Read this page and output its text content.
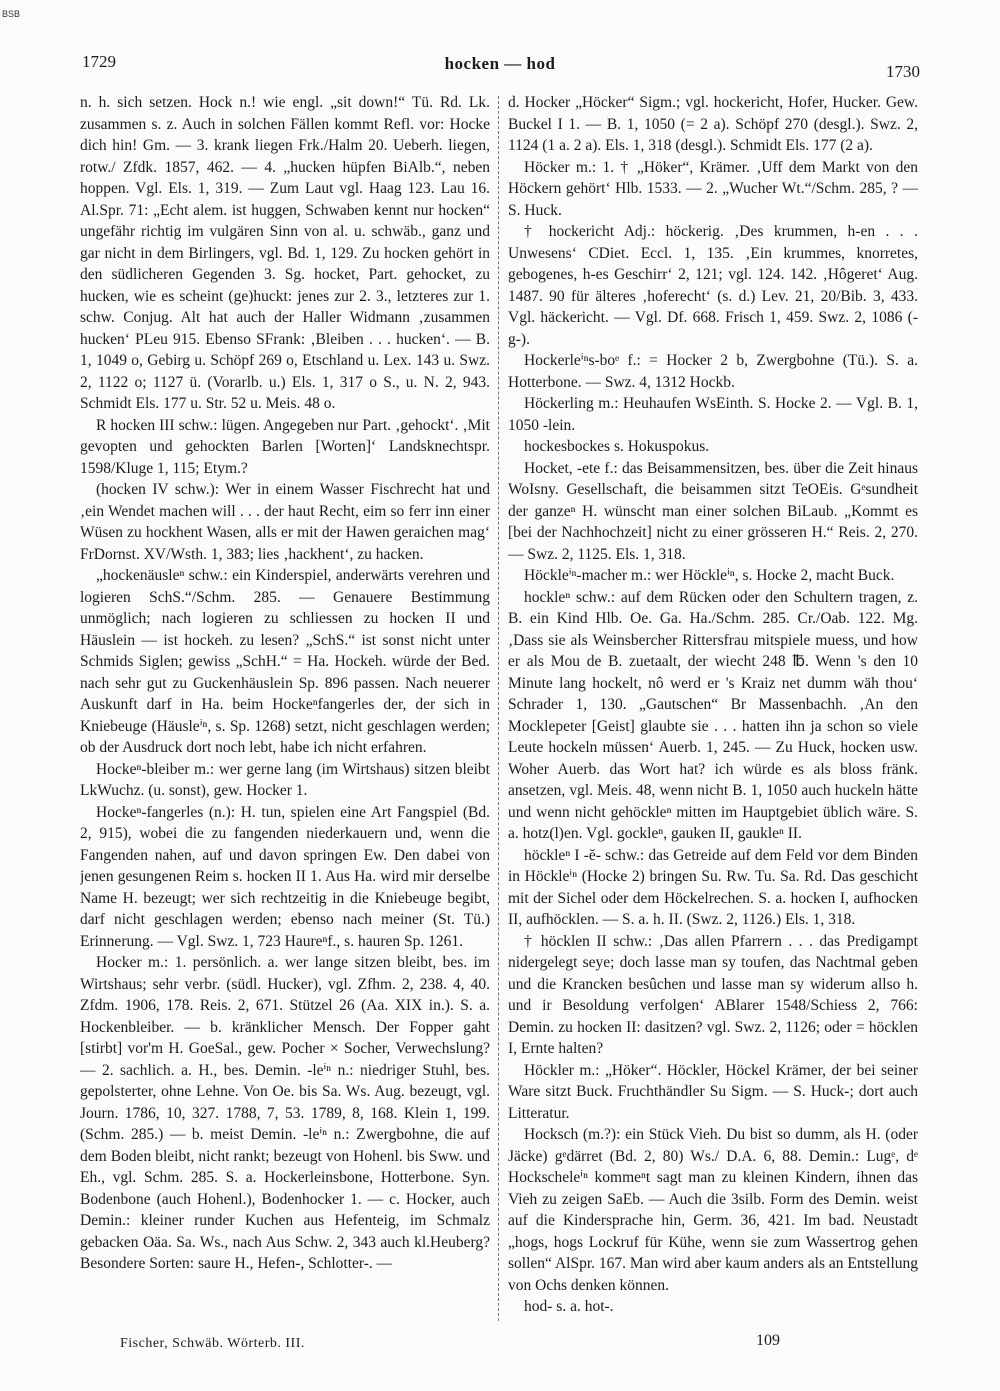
BSB
1729	hocken — hod	1730

n. h. sich setzen. Hock n.! wie engl. „sit down!“ Tü. Rd. Lk. zusammen s. z. Auch in solchen Fällen kommt Refl. vor: Hocke dich hin! Gm. — 3. krank liegen Frk./Halm 20. Ueberh. liegen, rotw./ Zfdk. 1857, 462. — 4. „hucken hüpfen BiAlb.“, neben hoppen. Vgl. Els. 1, 319. — Zum Laut vgl. Haag 123. Lau 16. Al.Spr. 71: „Echt alem. ist huggen, Schwaben kennt nur hocken“ ungefähr richtig im vulgären Sinn von al. u. schwäb., ganz und gar nicht in dem Birlingers, vgl. Bd. 1, 129. Zu hocken gehört in den südlicheren Gegenden 3. Sg. hocket, Part. gehocket, zu hucken, wie es scheint (ge)huckt: jenes zur 2. 3., letzteres zur 1. schw. Conjug. Alt hat auch der Haller Widmann ‚zusammen hucken‘ PLeu 915. Ebenso SFrank: ‚Bleiben . . . hucken‘. — B. 1, 1049 o, Gebirg u. Schöpf 269 o, Etschland u. Lex. 143 u. Swz. 2, 1122 o; 1127 ü. (Vorarlb. u.) Els. 1, 317 o S., u. N. 2, 943. Schmidt Els. 177 u. Str. 52 u. Meis. 48 o.

R hocken III schw.: lügen. Angegeben nur Part. ‚gehockt‘. ‚Mit gevopten und gehockten Barlen [Worten]‘ Landsknechtspr. 1598/Kluge 1, 115; Etym.?

(hocken IV schw.): Wer in einem Wasser Fischrecht hat und ‚ein Wendet machen will . . . der haut Recht, eim so ferr inn einer Wüsen zu hockhent Wasen, alls er mit der Hawen geraichen mag‘ FrDornst. XV/Wsth. 1, 383; lies ‚hackhent‘, zu hacken.

„hockenäusleⁿ schw.: ein Kinderspiel, anderwärts verehren und logieren SchS.“/Schm. 285. — Genauere Bestimmung unmöglich; nach logieren zu schliessen zu hocken II und Häuslein — ist hockeh. zu lesen? „SchS.“ ist sonst nicht unter Schmids Siglen; gewiss „SchH.“ = Ha. Hockeh. würde der Bed. nach sehr gut zu Guckenhäuslein Sp. 896 passen. Nach neuerer Auskunft darf in Ha. beim Hockeⁿfangerles der, der sich in Kniebeuge (Häusleⁱⁿ, s. Sp. 1268) setzt, nicht geschlagen werden; ob der Ausdruck dort noch lebt, habe ich nicht erfahren.

Hockeⁿ-bleiber m.: wer gerne lang (im Wirtshaus) sitzen bleibt LkWuchz. (u. sonst), gew. Hocker 1.

Hockeⁿ-fangerles (n.): H. tun, spielen eine Art Fangspiel (Bd. 2, 915), wobei die zu fangenden niederkauern und, wenn die Fangenden nahen, auf und davon springen Ew. Den dabei von jenen gesungenen Reim s. hocken II 1. Aus Ha. wird mir derselbe Name H. bezeugt; wer sich rechtzeitig in die Kniebeuge begibt, darf nicht geschlagen werden; ebenso nach meiner (St. Tü.) Erinnerung. — Vgl. Swz. 1, 723 Haureⁿf., s. hauren Sp. 1261.

Hocker m.: 1. persönlich. a. wer lange sitzen bleibt, bes. im Wirtshaus; sehr verbr. (südl. Hucker), vgl. Zfhm. 2, 238. 4, 40. Zfdm. 1906, 178. Reis. 2, 671. Stützel 26 (Aa. XIX in.). S. a. Hockenbleiber. — b. kränklicher Mensch. Der Fopper gaht [stirbt] vor'm H. GoeSal., gew. Pocher × Socher, Verwechslung? — 2. sachlich. a. H., bes. Demin. -leⁱⁿ n.: niedriger Stuhl, bes. gepolsterter, ohne Lehne. Von Oe. bis Sa. Ws. Aug. bezeugt, vgl. Journ. 1786, 10, 327. 1788, 7, 53. 1789, 8, 168. Klein 1, 199. (Schm. 285.) — b. meist Demin. -leⁱⁿ n.: Zwergbohne, die auf dem Boden bleibt, nicht rankt; bezeugt von Hohenl. bis Sww. und Eh., vgl. Schm. 285. S. a. Hockerleinsbone, Hotterbone. Syn. Bodenbone (auch Hohenl.), Bodenhocker 1. — c. Hocker, auch Demin.: kleiner runder Kuchen aus Hefenteig, im Schmalz gebacken Oäa. Sa. Ws., nach Aus Schw. 2, 343 auch kl.Heuberg? Besondere Sorten: saure H., Hefen-, Schlotter-. —

d. Hocker „Höcker“ Sigm.; vgl. hockericht, Hofer, Hucker. Gew. Buckel I 1. — B. 1, 1050 (= 2 a). Schöpf 270 (desgl.). Swz. 2, 1124 (1 a. 2 a). Els. 1, 318 (desgl.). Schmidt Els. 177 (2 a).

Höcker m.: 1. † „Höker“, Krämer. ‚Uff dem Markt von den Höckern gehört‘ Hlb. 1533. — 2. „Wucher Wt.“/Schm. 285, ? — S. Huck.

† hockericht Adj.: höckerig. ‚Des krummen, h-en . . . Unwesens‘ CDiet. Eccl. 1, 135. ‚Ein krummes, knorretes, gebogenes, h-es Geschirr‘ 2, 121; vgl. 124. 142. ‚Hôgeret‘ Aug. 1487. 90 für älteres ‚hoferecht‘ (s. d.) Lev. 21, 20/Bib. 3, 433. Vgl. häckericht. — Vgl. Df. 668. Frisch 1, 459. Swz. 2, 1086 (-g-).

Hockerleⁱⁿs-boᵉ f.: = Hocker 2 b, Zwergbohne (Tü.). S. a. Hotterbone. — Swz. 4, 1312 Hockb.

Höckerling m.: Heuhaufen WsEinth. S. Hocke 2. — Vgl. B. 1, 1050 -lein.

hockesbockes s. Hokuspokus.

Hocket, -ete f.: das Beisammensitzen, bes. über die Zeit hinaus WoIsny. Gesellschaft, die beisammen sitzt TeOEis. Gᵉsundheit der ganzeⁿ H. wünscht man einer solchen BiLaub. „Kommt es [bei der Nachhochzeit] nicht zu einer grösseren H.“ Reis. 2, 270. — Swz. 2, 1125. Els. 1, 318.

Höckleⁱⁿ-macher m.: wer Höckleⁱⁿ, s. Hocke 2, macht Buck.

hockleⁿ schw.: auf dem Rücken oder den Schultern tragen, z. B. ein Kind Hlb. Oe. Ga. Ha./Schm. 285. Cr./Oab. 122. Mg. ‚Dass sie als Weinsbercher Rittersfrau mitspiele muess, und how er als Mou de B. zuetaalt, der wiecht 248 ℔. Wenn 's den 10 Minute lang hockelt, nô werd er 's Kraiz net dumm wäh thou‘ Schrader 1, 130. „Gautschen“ Br Massenbachh. ‚An den Mocklepeter [Geist] glaubte sie . . . hatten ihn ja schon so viele Leute hockeln müssen‘ Auerb. 1, 245. — Zu Huck, hocken usw. Woher Auerb. das Wort hat? ich würde es als bloss fränk. ansetzen, vgl. Meis. 48, wenn nicht B. 1, 1050 auch huckeln hätte und wenn nicht gehöckleⁿ mitten im Hauptgebiet üblich wäre. S. a. hotz(l)en. Vgl. gockleⁿ, gauken II, gaukleⁿ II.

höckleⁿ I -ĕ- schw.: das Getreide auf dem Feld vor dem Binden in Höckleⁱⁿ (Hocke 2) bringen Su. Rw. Tu. Sa. Rd. Das geschicht mit der Sichel oder dem Höckelrechen. S. a. hocken I, aufhocken II, aufhöcklen. — S. a. h. II. (Swz. 2, 1126.) Els. 1, 318.

† höcklen II schw.: ‚Das allen Pfarrern . . . das Predigampt nidergelegt seye; doch lasse man sy toufen, das Nachtmal geben und die Krancken besûchen und lasse man sy widerum allso h. und ir Besoldung verfolgen‘ ABlarer 1548/Schiess 2, 766: Demin. zu hocken II: dasitzen? vgl. Swz. 2, 1126; oder = höcklen I, Ernte halten?

Höckler m.: „Höker“. Höckler, Höckel Krämer, der bei seiner Ware sitzt Buck. Fruchthändler Su Sigm. — S. Huck-; dort auch Litteratur.

Hocksch (m.?): ein Stück Vieh. Du bist so dumm, als H. (oder Jäcke) gᵉdärret (Bd. 2, 80) Ws./ D.A. 6, 88. Demin.: Lugᵉ, dᵉ Hockscheleⁱⁿ kommeⁿt sagt man zu kleinen Kindern, ihnen das Vieh zu zeigen SaEb. — Auch die 3silb. Form des Demin. weist auf die Kindersprache hin, Germ. 36, 421. Im bad. Neustadt „hogs, hogs Lockruf für Kühe, wenn sie zum Wassertrog gehen sollen“ AlSpr. 167. Man wird aber kaum anders als an Entstellung von Ochs denken können.

hod- s. a. hot-.

Fischer, Schwäb. Wörterb. III.	109
